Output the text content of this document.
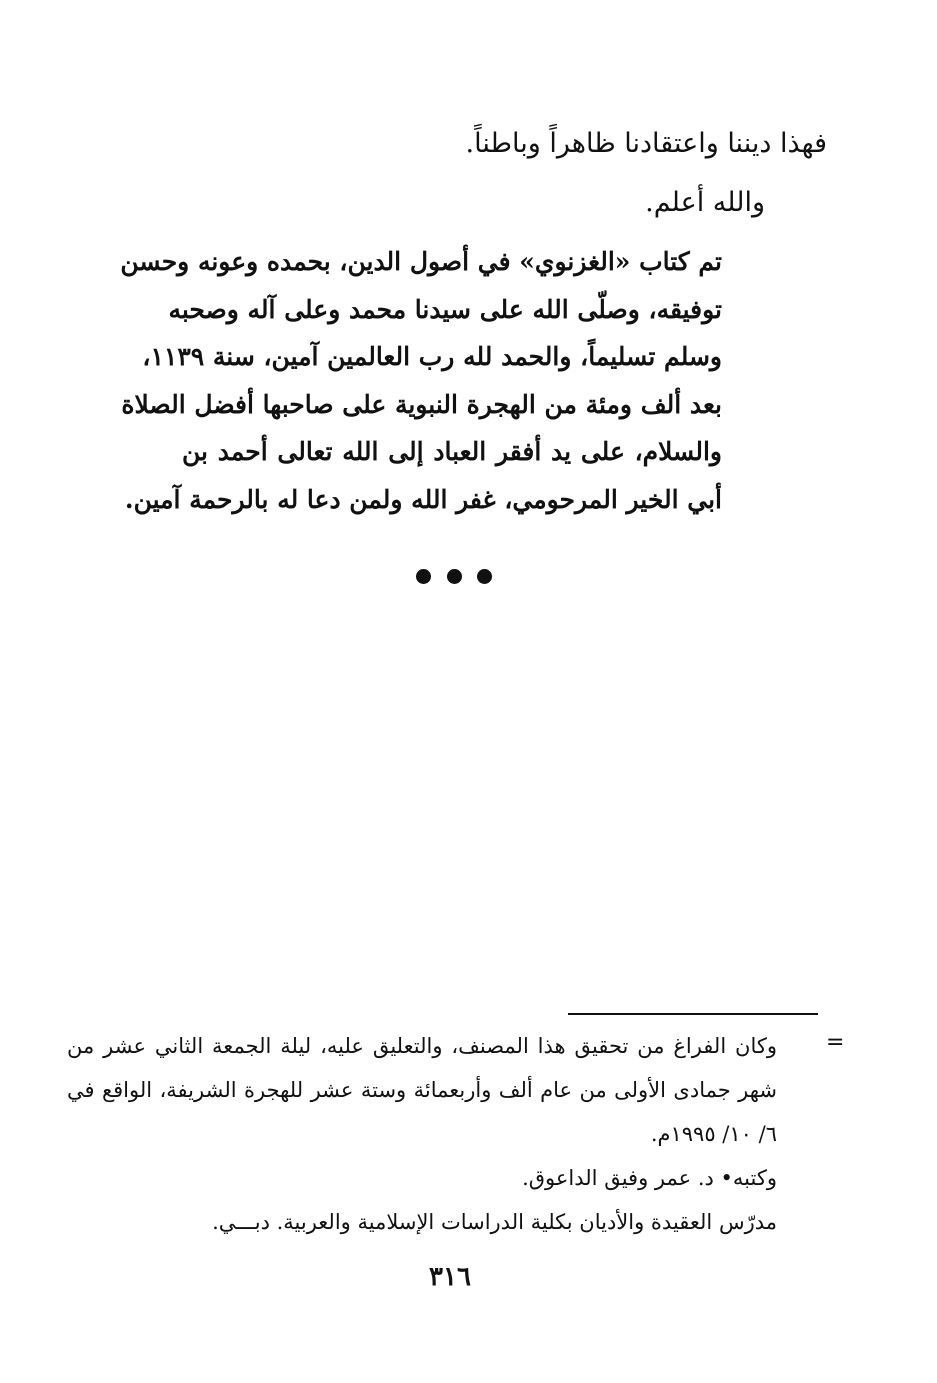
فهذا ديننا واعتقادنا ظاهراً وباطناً.
والله أعلم.
تم كتاب «الغزنوي» في أصول الدين، بحمده وعونه وحسن
توفيقه، وصلّى الله على سيدنا محمد وعلى آله وصحبه
وسلم تسليماً، والحمد لله رب العالمين آمين، سنة ١١٣٩،
بعد ألف ومئة من الهجرة النبوية على صاحبها أفضل الصلاة
والسلام، على يد أفقر العباد إلى الله تعالى أحمد بن
أبي الخير المرحومي، غفر الله ولمن دعا له بالرحمة آمين.
=
وكان الفراغ من تحقيق هذا المصنف، والتعليق عليه، ليلة الجمعة الثاني عشر من
شهر جمادى الأولى من عام ألف وأربعمائة وستة عشر للهجرة الشريفة، الواقع في
٦/ ١٠/ ١٩٩٥م.
وكتبه• د. عمر وفيق الداعوق.
مدرّس العقيدة والأديان بكلية الدراسات الإسلامية والعربية. دبـــي.
٣١٦
